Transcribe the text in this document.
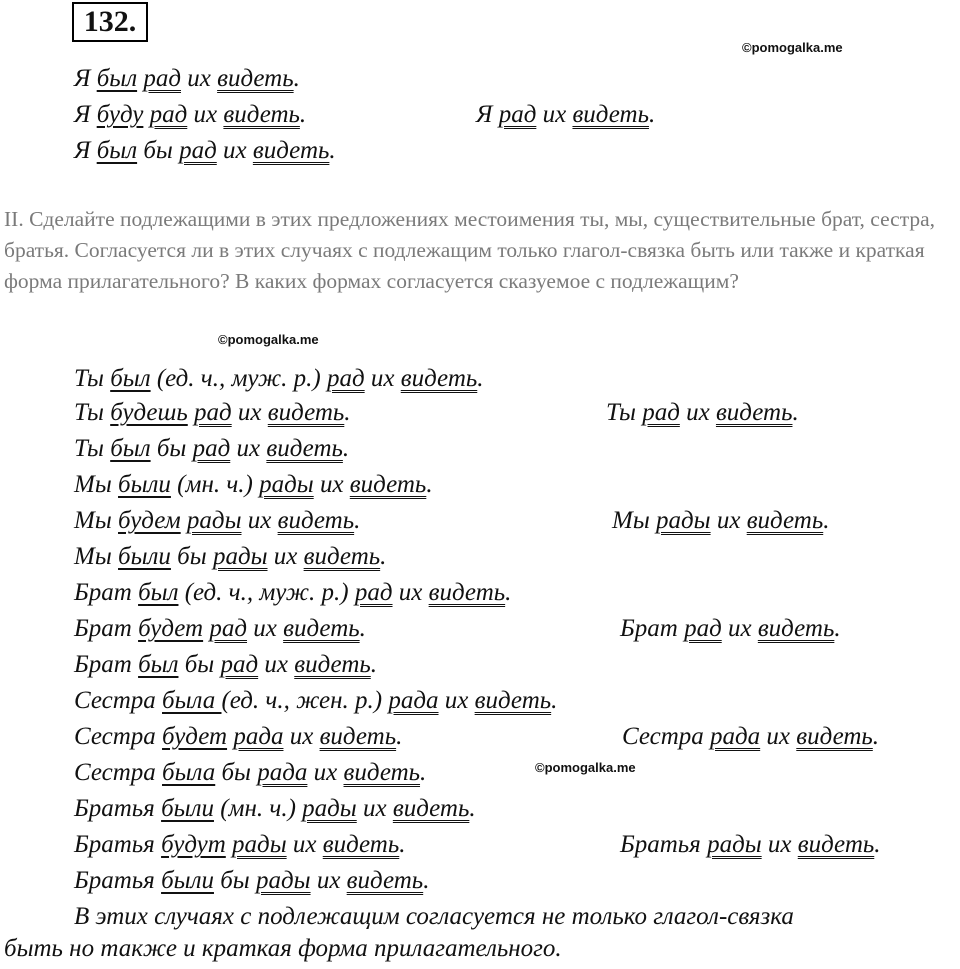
132.
©pomogalka.me
©pomogalka.me
©pomogalka.me
Я был рад их видеть.
Я буду рад их видеть.	Я рад их видеть.
Я был бы рад их видеть.
II. Сделайте подлежащими в этих предложениях местоимения ты, мы, существительные брат, сестра, братья. Согласуется ли в этих случаях с подлежащим только глагол-связка быть или также и краткая форма прилагательного? В каких формах согласуется сказуемое с подлежащим?
Ты был (ед. ч., муж. р.) рад их видеть.
Ты будешь рад их видеть.	Ты рад их видеть.
Ты был бы рад их видеть.
Мы были (мн. ч.) рады их видеть.
Мы будем рады их видеть.	Мы рады их видеть.
Мы были бы рады их видеть.
Брат был (ед. ч., муж. р.) рад их видеть.
Брат будет рад их видеть.	Брат рад их видеть.
Брат был бы рад их видеть.
Сестра была (ед. ч., жен. р.) рада их видеть.
Сестра будет рада их видеть.	Сестра рада их видеть.
Сестра была бы рада их видеть.
Братья были (мн. ч.) рады их видеть.
Братья будут рады их видеть.	Братья рады их видеть.
Братья были бы рады их видеть.
В этих случаях с подлежащим согласуется не только глагол-связка
быть но также и краткая форма прилагательного.
